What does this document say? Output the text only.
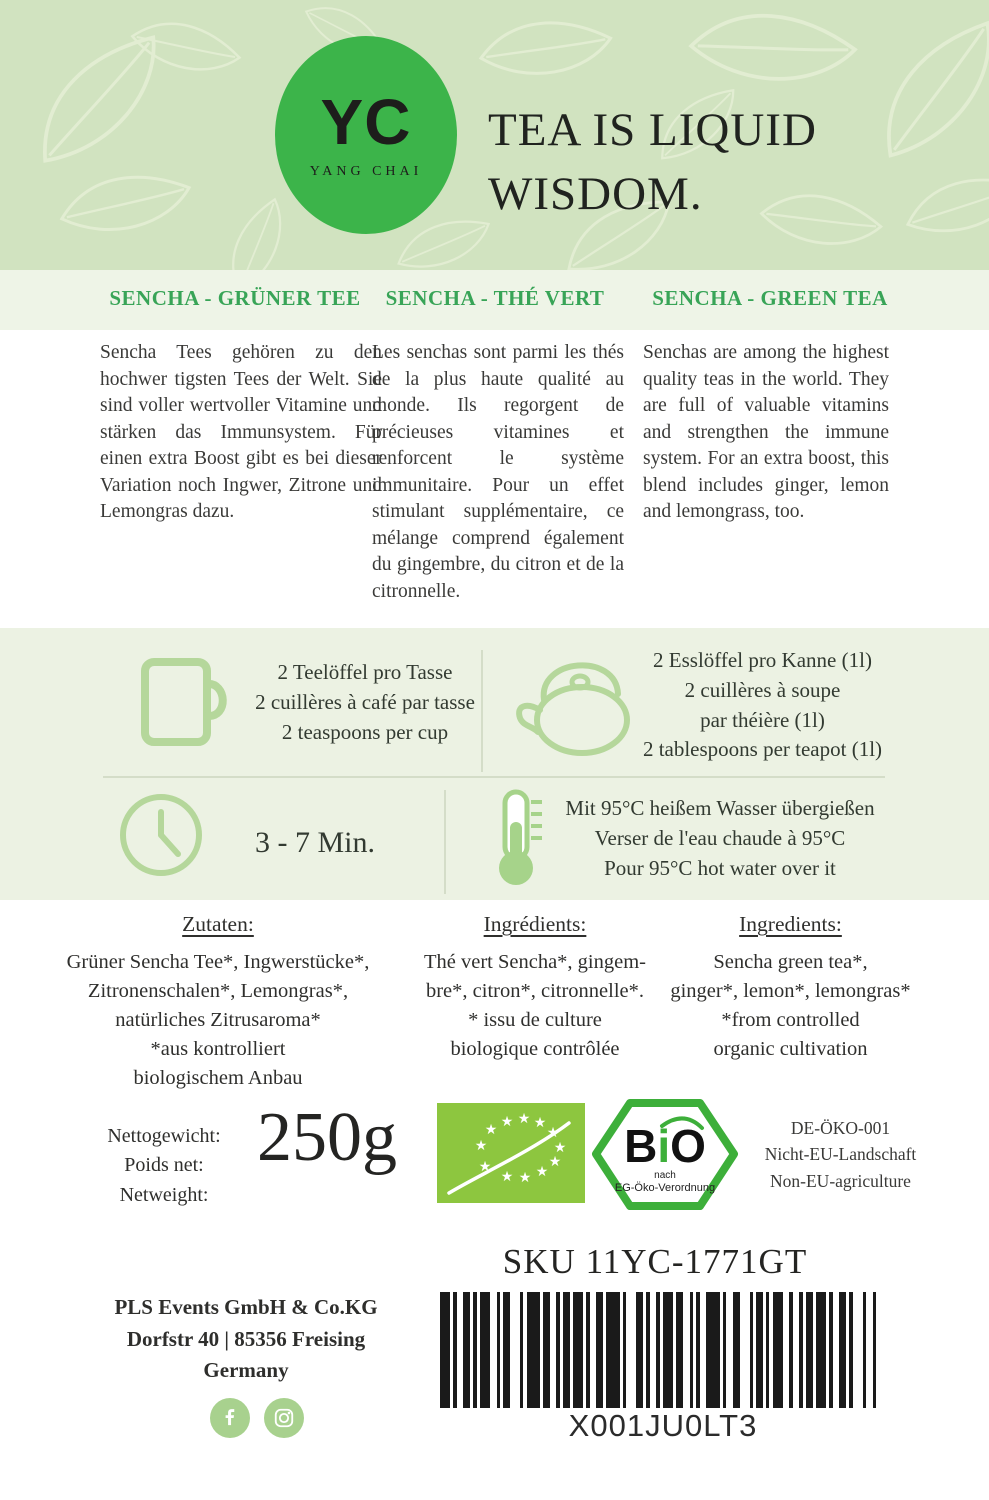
YC
YANG CHAI
TEA IS LIQUID
WISDOM.
SENCHA - GRÜNER TEE	SENCHA - THÉ VERT	SENCHA - GREEN TEA
Sencha Tees gehören zu den hochwer tigsten Tees der Welt. Sie sind voller wertvoller Vitamine und stärken das Immunsystem. Für einen extra Boost gibt es bei dieser Variation noch Ingwer, Zitrone und Lemongras dazu.
Les senchas sont parmi les thés de la plus haute qualité au monde. Ils regorgent de précieuses vitamines et renforcent le système immunitaire. Pour un effet stimulant supplémentaire, ce mélange comprend également du gingembre, du citron et de la citronnelle.
Senchas are among the highest quality teas in the world. They are full of valuable vitamins and strengthen the immune system. For an extra boost, this blend includes ginger, lemon and lemongrass, too.
2 Teelöffel pro Tasse
2 cuillères à café par tasse
2 teaspoons per cup
2 Esslöffel pro Kanne (1l)
2 cuillères à soupe
par théière (1l)
2 tablespoons per teapot (1l)
3 - 7 Min.
Mit 95°C heißem Wasser übergießen
Verser de l'eau chaude à 95°C
Pour 95°C hot water over it
Zutaten:
Grüner Sencha Tee*, Ingwerstücke*,
Zitronenschalen*, Lemongras*,
natürliches Zitrusaroma*
*aus kontrolliert
biologischem Anbau
Ingrédients:
Thé vert Sencha*, gingem-
bre*, citron*, citronnelle*.
* issu de culture
biologique contrôlée
Ingredients:
Sencha green tea*,
ginger*, lemon*, lemongras*
*from controlled
organic cultivation
Nettogewicht:
Poids net:
Netweight:
250g	★ ★ ★ ★
★
★
★
★
★
★
★
★	BiO
nach
EG-Öko-Verordnung
DE-ÖKO-001
Nicht-EU-Landschaft
Non-EU-agriculture
SKU 11YC-1771GT
X001JU0LT3
PLS Events GmbH & Co.KG
Dorfstr 40 | 85356 Freising
Germany
